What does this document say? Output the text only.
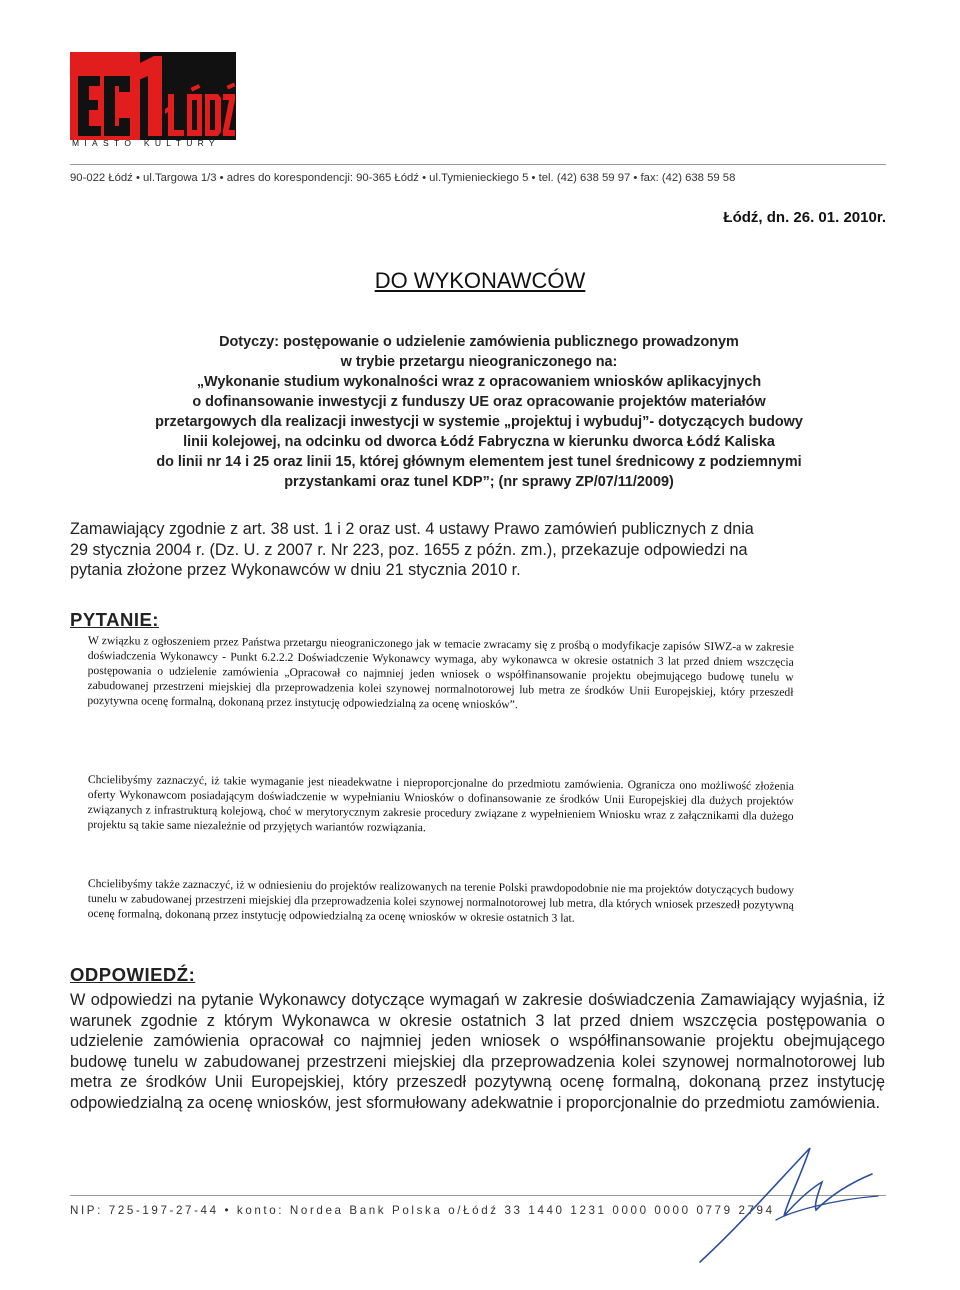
MIASTO KULTURY
90-022 Łódź • ul.Targowa 1/3 • adres do korespondencji: 90-365 Łódź • ul.Tymienieckiego 5 • tel. (42) 638 59 97 • fax: (42) 638 59 58
Łódź, dn. 26. 01. 2010r.
DO WYKONAWCÓW
Dotyczy: postępowanie o udzielenie zamówienia publicznego prowadzonym
w trybie przetargu nieograniczonego na:
„Wykonanie studium wykonalności wraz z opracowaniem wniosków aplikacyjnych
o dofinansowanie inwestycji z funduszy UE oraz opracowanie projektów materiałów
przetargowych dla realizacji inwestycji w systemie „projektuj i wybuduj”- dotyczących budowy
linii kolejowej, na odcinku od dworca Łódź Fabryczna w kierunku dworca Łódź Kaliska
do linii nr 14 i 25 oraz linii 15, której głównym elementem jest tunel średnicowy z podziemnymi
przystankami oraz tunel KDP”; (nr sprawy ZP/07/11/2009)
Zamawiający zgodnie z art. 38 ust. 1 i 2 oraz ust. 4 ustawy Prawo zamówień publicznych z dnia
29 stycznia 2004 r. (Dz. U. z 2007 r. Nr 223, poz. 1655 z późn. zm.), przekazuje odpowiedzi na
pytania złożone przez Wykonawców w dniu 21 stycznia 2010 r.
PYTANIE:
W związku z ogłoszeniem przez Państwa przetargu nieograniczonego jak w temacie zwracamy się z prośbą o modyfikacje zapisów SIWZ-a w zakresie doświadczenia Wykonawcy - Punkt 6.2.2.2 Doświadczenie Wykonawcy wymaga, aby wykonawca w okresie ostatnich 3 lat przed dniem wszczęcia postępowania o udzielenie zamówienia „Opracował co najmniej jeden wniosek o współfinansowanie projektu obejmującego budowę tunelu w zabudowanej przestrzeni miejskiej dla przeprowadzenia kolei szynowej normalnotorowej lub metra ze środków Unii Europejskiej, który przeszedł pozytywna ocenę formalną, dokonaną przez instytucję odpowiedzialną za ocenę wniosków”.
Chcielibyśmy zaznaczyć, iż takie wymaganie jest nieadekwatne i nieproporcjonalne do przedmiotu zamówienia. Ogranicza ono możliwość złożenia oferty Wykonawcom posiadającym doświadczenie w wypełnianiu Wniosków o dofinansowanie ze środków Unii Europejskiej dla dużych projektów związanych z infrastrukturą kolejową, choć w merytorycznym zakresie procedury związane z wypełnieniem Wniosku wraz z załącznikami dla dużego projektu są takie same niezależnie od przyjętych wariantów rozwiązania.
Chcielibyśmy także zaznaczyć, iż w odniesieniu do projektów realizowanych na terenie Polski prawdopodobnie nie ma projektów dotyczących budowy tunelu w zabudowanej przestrzeni miejskiej dla przeprowadzenia kolei szynowej normalnotorowej lub metra, dla których wniosek przeszedł pozytywną ocenę formalną, dokonaną przez instytucję odpowiedzialną za ocenę wniosków w okresie ostatnich 3 lat.
ODPOWIEDŹ:
W odpowiedzi na pytanie Wykonawcy dotyczące wymagań w zakresie doświadczenia Zamawiający wyjaśnia, iż warunek zgodnie z którym Wykonawca w okresie ostatnich 3 lat przed dniem wszczęcia postępowania o udzielenie zamówienia opracował co najmniej jeden wniosek o współfinansowanie projektu obejmującego budowę tunelu w zabudowanej przestrzeni miejskiej dla przeprowadzenia kolei szynowej normalnotorowej lub metra ze środków Unii Europejskiej, który przeszedł pozytywną ocenę formalną, dokonaną przez instytucję odpowiedzialną za ocenę wniosków, jest sformułowany adekwatnie i proporcjonalnie do przedmiotu zamówienia.
NIP: 725-197-27-44 • konto: Nordea Bank Polska o/Łódź 33 1440 1231 0000 0000 0779 2794
